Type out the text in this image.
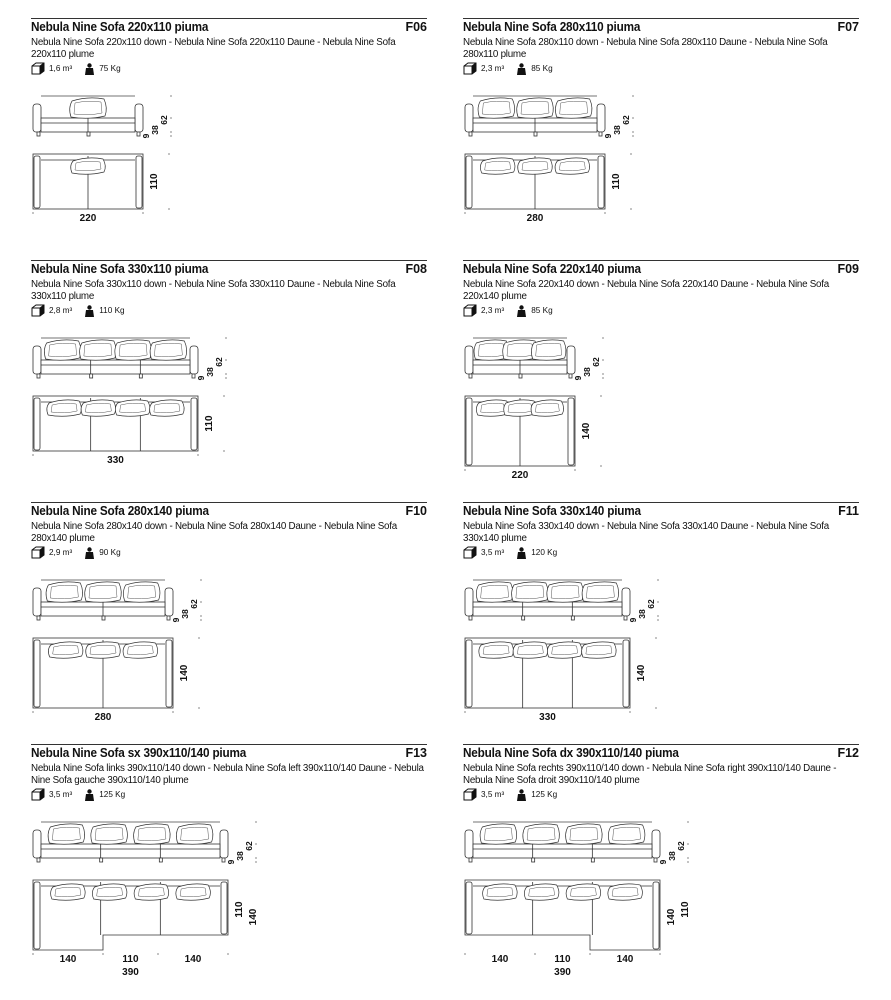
Nebula Nine Sofa 220x110 piuma	F06
Nebula Nine Sofa 220x110 down - Nebula Nine Sofa 220x110 Daune - Nebula Nine Sofa 220x110 plume
1,6 m³	75 Kg
9
38
62
110
220
Nebula Nine Sofa 280x110 piuma	F07
Nebula Nine Sofa 280x110 down - Nebula Nine Sofa 280x110 Daune - Nebula Nine Sofa 280x110 plume
2,3 m³	85 Kg
9
38
62
110
280
Nebula Nine Sofa 330x110 piuma	F08
Nebula Nine Sofa 330x110 down - Nebula Nine Sofa 330x110 Daune - Nebula Nine Sofa 330x110 plume
2,8 m³	110 Kg
9
38
62
110
330
Nebula Nine Sofa 220x140 piuma	F09
Nebula Nine Sofa 220x140 down - Nebula Nine Sofa 220x140 Daune - Nebula Nine Sofa 220x140 plume
2,3 m³	85 Kg
9
38
62
140
220
Nebula Nine Sofa 280x140 piuma	F10
Nebula Nine Sofa 280x140 down - Nebula Nine Sofa 280x140 Daune - Nebula Nine Sofa 280x140 plume
2,9 m³	90 Kg
9
38
62
140
280
Nebula Nine Sofa 330x140 piuma	F11
Nebula Nine Sofa 330x140 down - Nebula Nine Sofa 330x140 Daune - Nebula Nine Sofa 330x140 plume
3,5 m³	120 Kg
9
38
62
140
330
Nebula Nine Sofa sx 390x110/140 piuma	F13
Nebula Nine Sofa links 390x110/140 down - Nebula Nine Sofa left 390x110/140 Daune - Nebula Nine Sofa gauche 390x110/140 plume
3,5 m³	125 Kg
9
38
62
110 140
140	110	140
390
Nebula Nine Sofa dx 390x110/140 piuma	F12
Nebula Nine Sofa rechts 390x110/140 down - Nebula Nine Sofa right 390x110/140 Daune - Nebula Nine Sofa droit 390x110/140 plume
3,5 m³	125 Kg
9
38
62
140 110
140	110	140
390
